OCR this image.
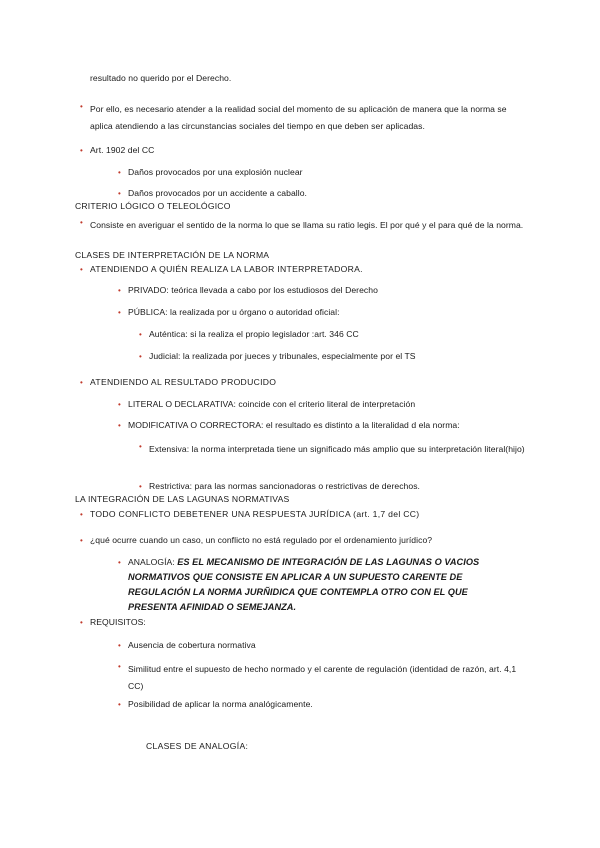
resultado no querido por el Derecho.
• Por ello, es necesario atender a la realidad social del momento de su aplicación de manera que la norma se aplica atendiendo a las circunstancias sociales del tiempo en que deben ser aplicadas.
• Art. 1902 del CC
• Daños provocados por una explosión nuclear
• Daños provocados por un accidente a caballo.
CRITERIO LÓGICO O TELEOLÓGICO
• Consiste en averiguar el sentido de la norma lo que se llama su ratio legis. El por qué y el para qué de la norma.
CLASES DE INTERPRETACIÓN DE LA NORMA
• ATENDIENDO A QUIÉN REALIZA LA LABOR INTERPRETADORA.
• PRIVADO: teórica llevada a cabo por los estudiosos del Derecho
• PÚBLICA: la realizada por u órgano o autoridad oficial:
• Auténtica: si la realiza el propio legislador :art. 346 CC
• Judicial: la realizada por jueces y tribunales, especialmente por el TS
• ATENDIENDO AL RESULTADO PRODUCIDO
• LITERAL O DECLARATIVA: coincide con el criterio literal de interpretación
• MODIFICATIVA O CORRECTORA: el resultado es distinto a la literalidad d ela norma:
• Extensiva: la norma interpretada tiene un significado más amplio que su interpretación literal(hijo)
• Restrictiva: para las normas sancionadoras o restrictivas de derechos.
LA INTEGRACIÓN DE LAS LAGUNAS NORMATIVAS
• TODO CONFLICTO DEBETENER UNA RESPUESTA JURÍDICA (art. 1,7 del CC)
• ¿qué ocurre cuando un caso, un conflicto no está regulado por el ordenamiento jurídico?
• ANALOGÍA: ES EL MECANISMO DE INTEGRACIÓN DE LAS LAGUNAS O VACIOS NORMATIVOS QUE CONSISTE EN APLICAR A UN SUPUESTO CARENTE DE REGULACIÓN LA NORMA JURÑIDICA QUE CONTEMPLA OTRO CON EL QUE PRESENTA AFINIDAD O SEMEJANZA.
• REQUISITOS:
• Ausencia de cobertura normativa
• Similitud entre el supuesto de hecho normado y el carente de regulación (identidad de razón, art. 4,1 CC)
• Posibilidad de aplicar la norma analógicamente.
CLASES DE ANALOGÍA:
